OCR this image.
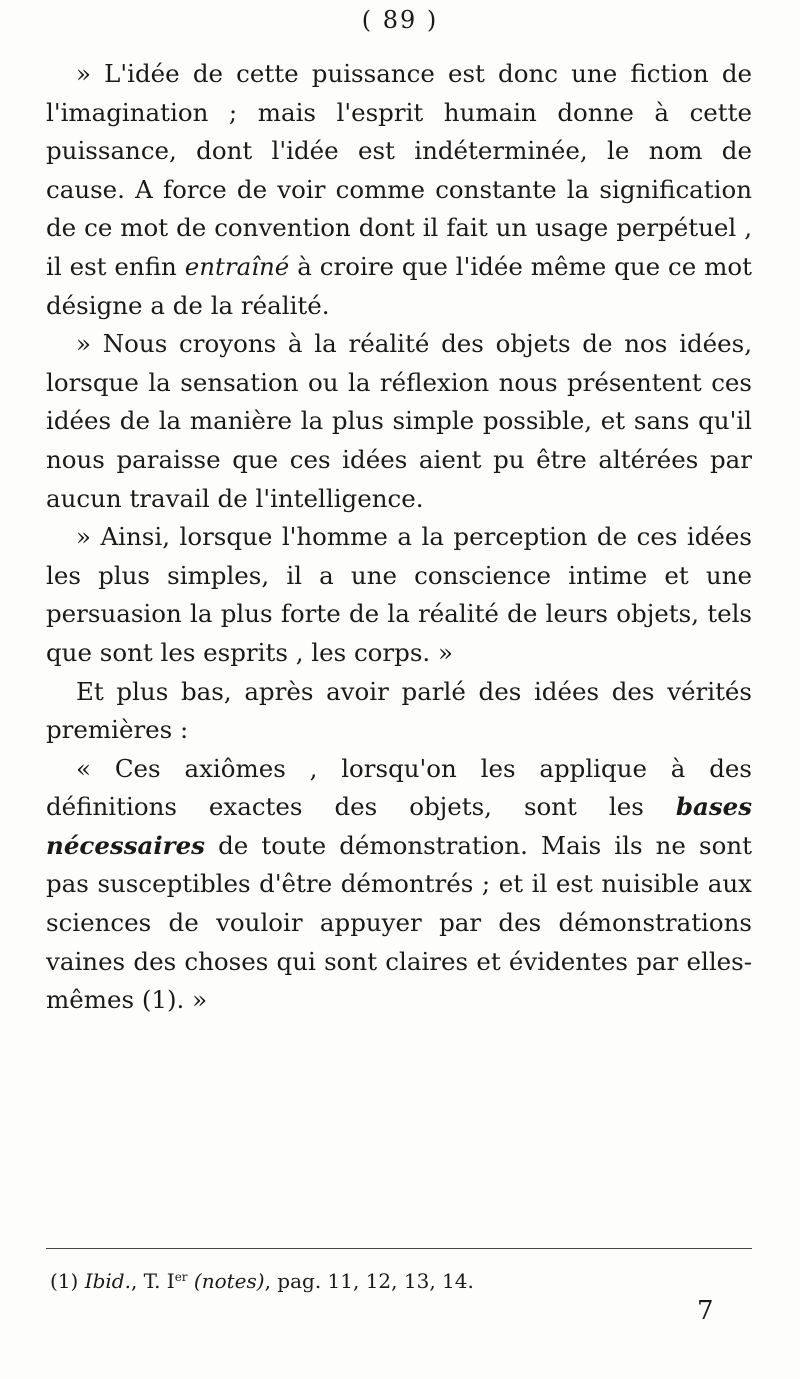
( 89 )

» L'idée de cette puissance est donc une fiction de l'imagination ; mais l'esprit humain donne à cette puissance, dont l'idée est indéterminée, le nom de cause. A force de voir comme constante la signification de ce mot de convention dont il fait un usage perpétuel , il est enfin entraîné à croire que l'idée même que ce mot désigne a de la réalité.

» Nous croyons à la réalité des objets de nos idées, lorsque la sensation ou la réflexion nous présentent ces idées de la manière la plus simple possible, et sans qu'il nous paraisse que ces idées aient pu être altérées par aucun travail de l'intelligence.

» Ainsi, lorsque l'homme a la perception de ces idées les plus simples, il a une conscience intime et une persuasion la plus forte de la réalité de leurs objets, tels que sont les esprits , les corps. »

Et plus bas, après avoir parlé des idées des vérités premières :

« Ces axiômes , lorsqu'on les applique à des définitions exactes des objets, sont les bases nécessaires de toute démonstration. Mais ils ne sont pas susceptibles d'être démontrés ; et il est nuisible aux sciences de vouloir appuyer par des démonstrations vaines des choses qui sont claires et évidentes par elles-mêmes (1). »

(1) Ibid., T. Ier (notes), pag. 11, 12, 13, 14.
7
